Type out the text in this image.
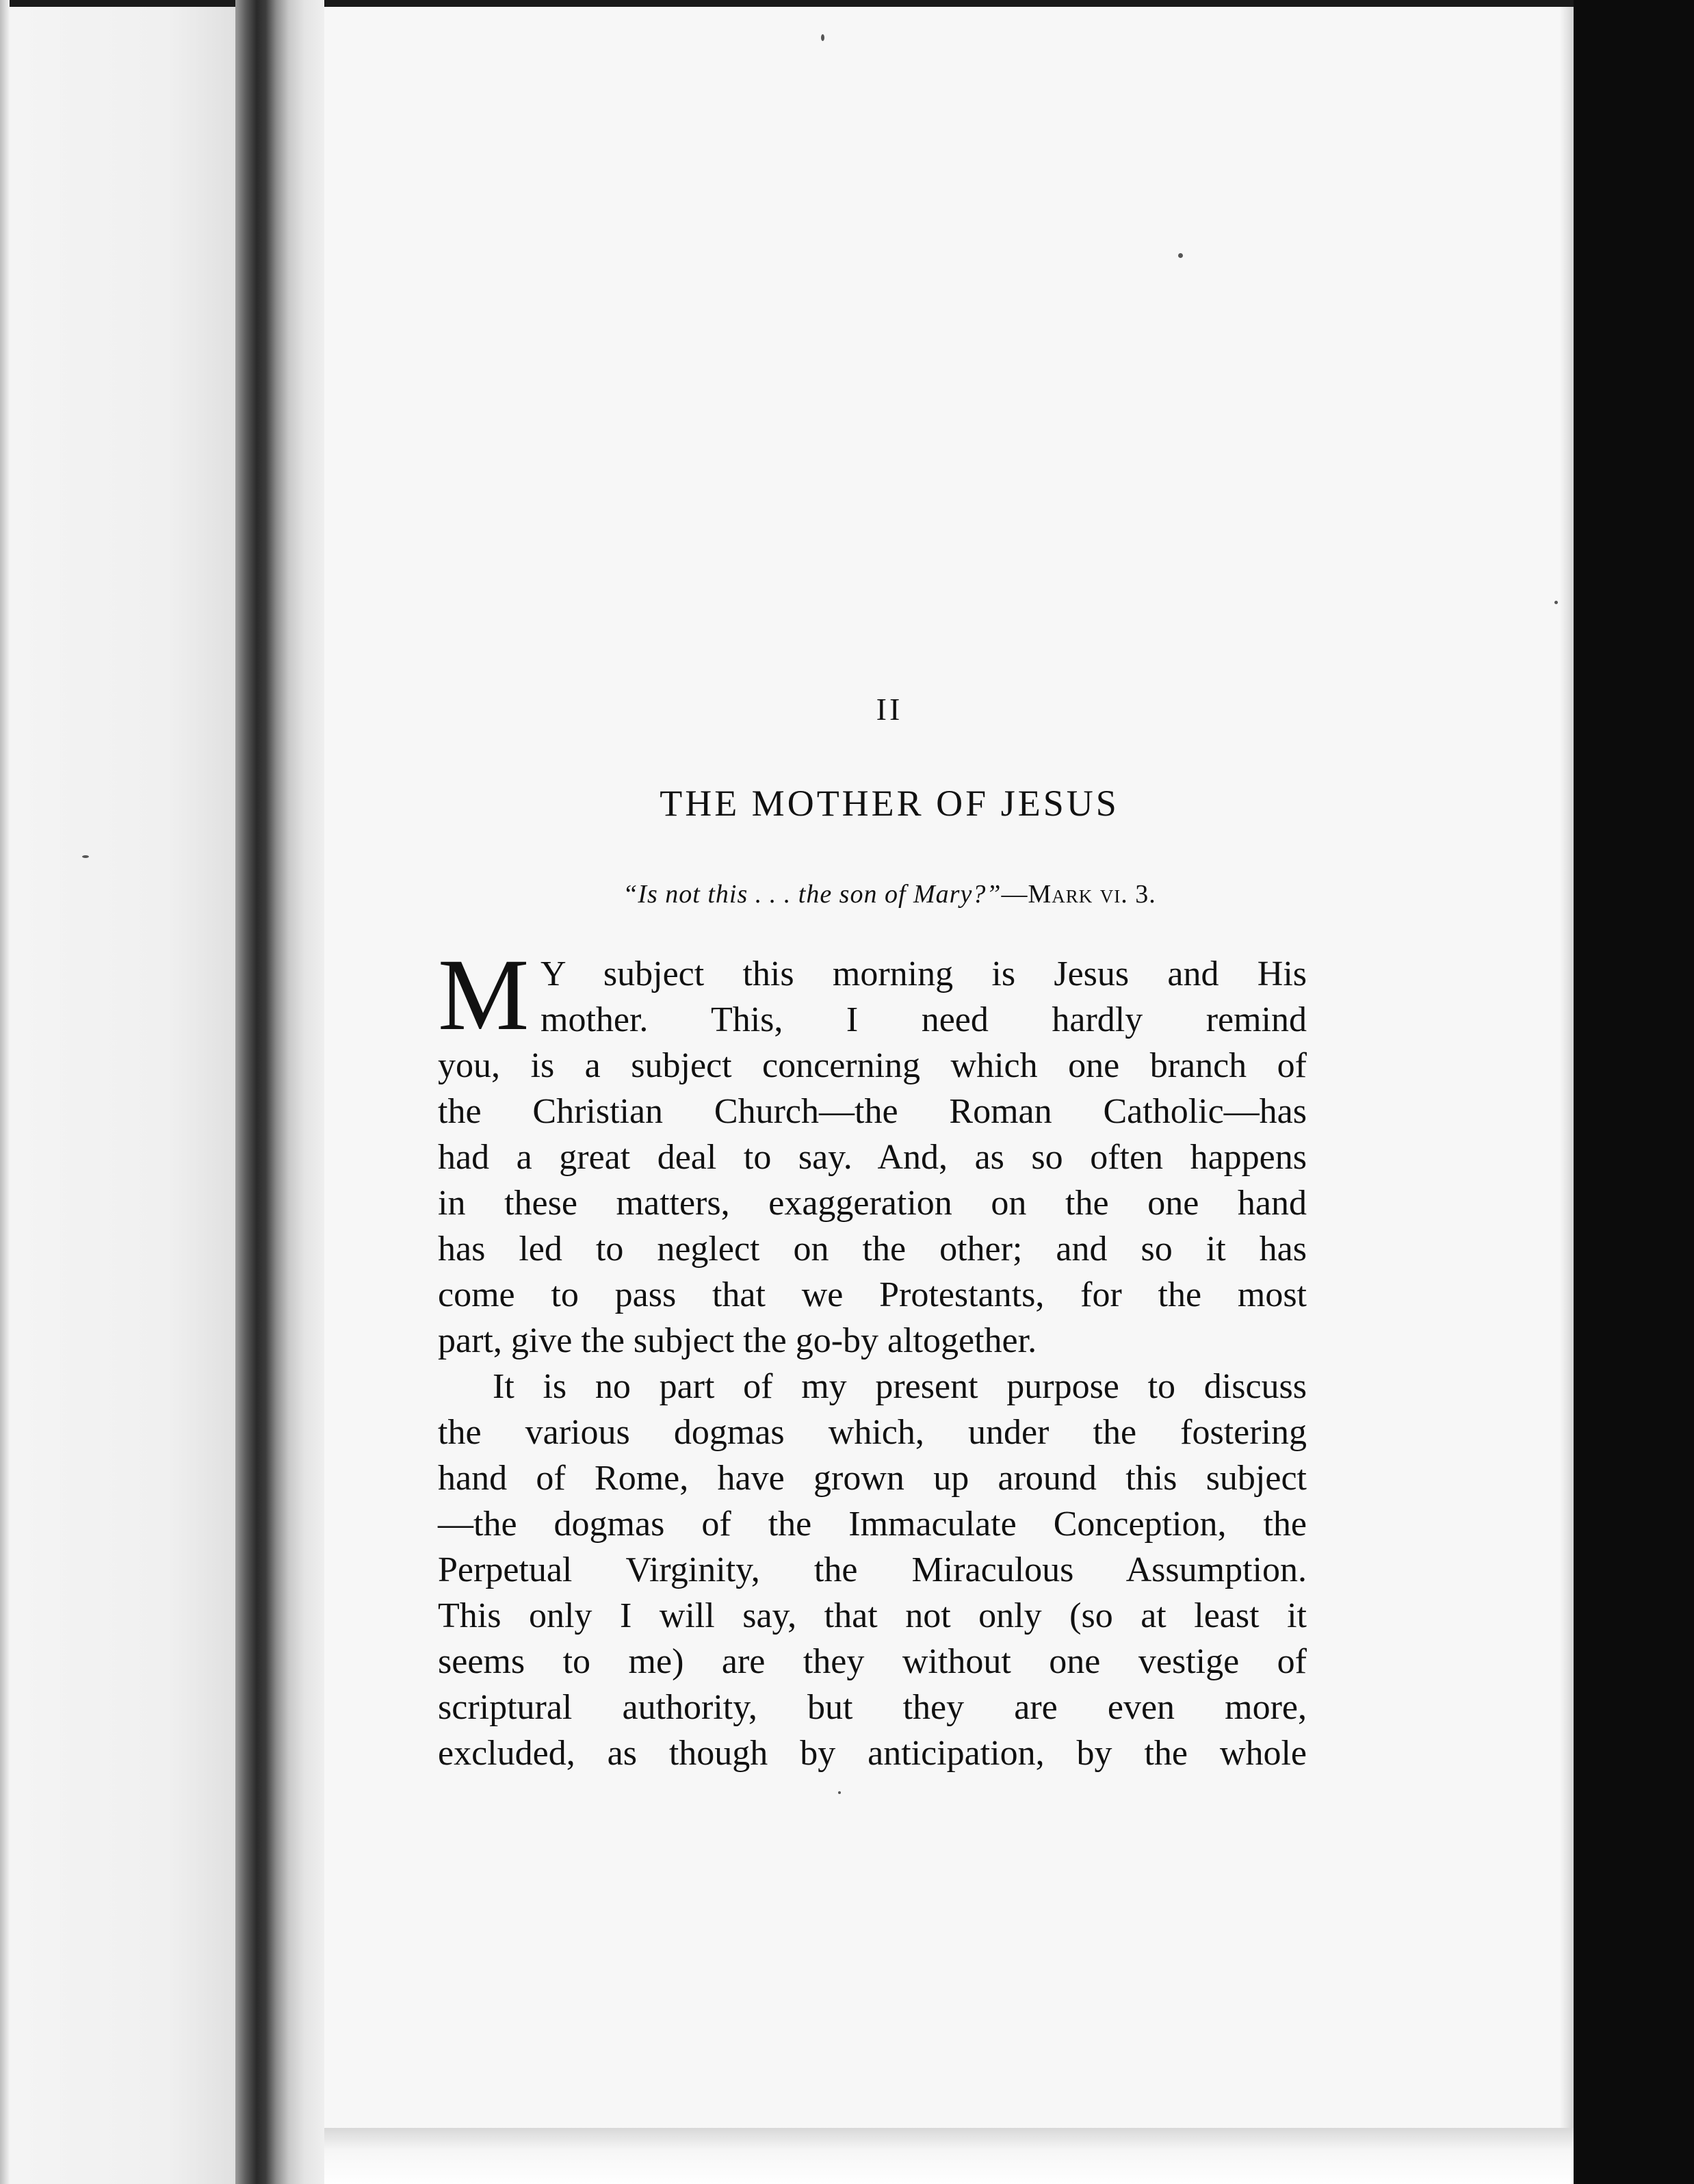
II
THE MOTHER OF JESUS
“Is not this . . . the son of Mary?”—Mark vi. 3.
M Y subject this morning is Jesus and His
mother. This, I need hardly remind
you, is a subject concerning which one branch of
the Christian Church—the Roman Catholic—has
had a great deal to say. And, as so often happens
in these matters, exaggeration on the one hand
has led to neglect on the other; and so it has
come to pass that we Protestants, for the most
part, give the subject the go-by altogether.
It is no part of my present purpose to discuss
the various dogmas which, under the fostering
hand of Rome, have grown up around this subject
—the dogmas of the Immaculate Conception, the
Perpetual Virginity, the Miraculous Assumption.
This only I will say, that not only (so at least it
seems to me) are they without one vestige of
scriptural authority, but they are even more,
excluded, as though by anticipation, by the whole
